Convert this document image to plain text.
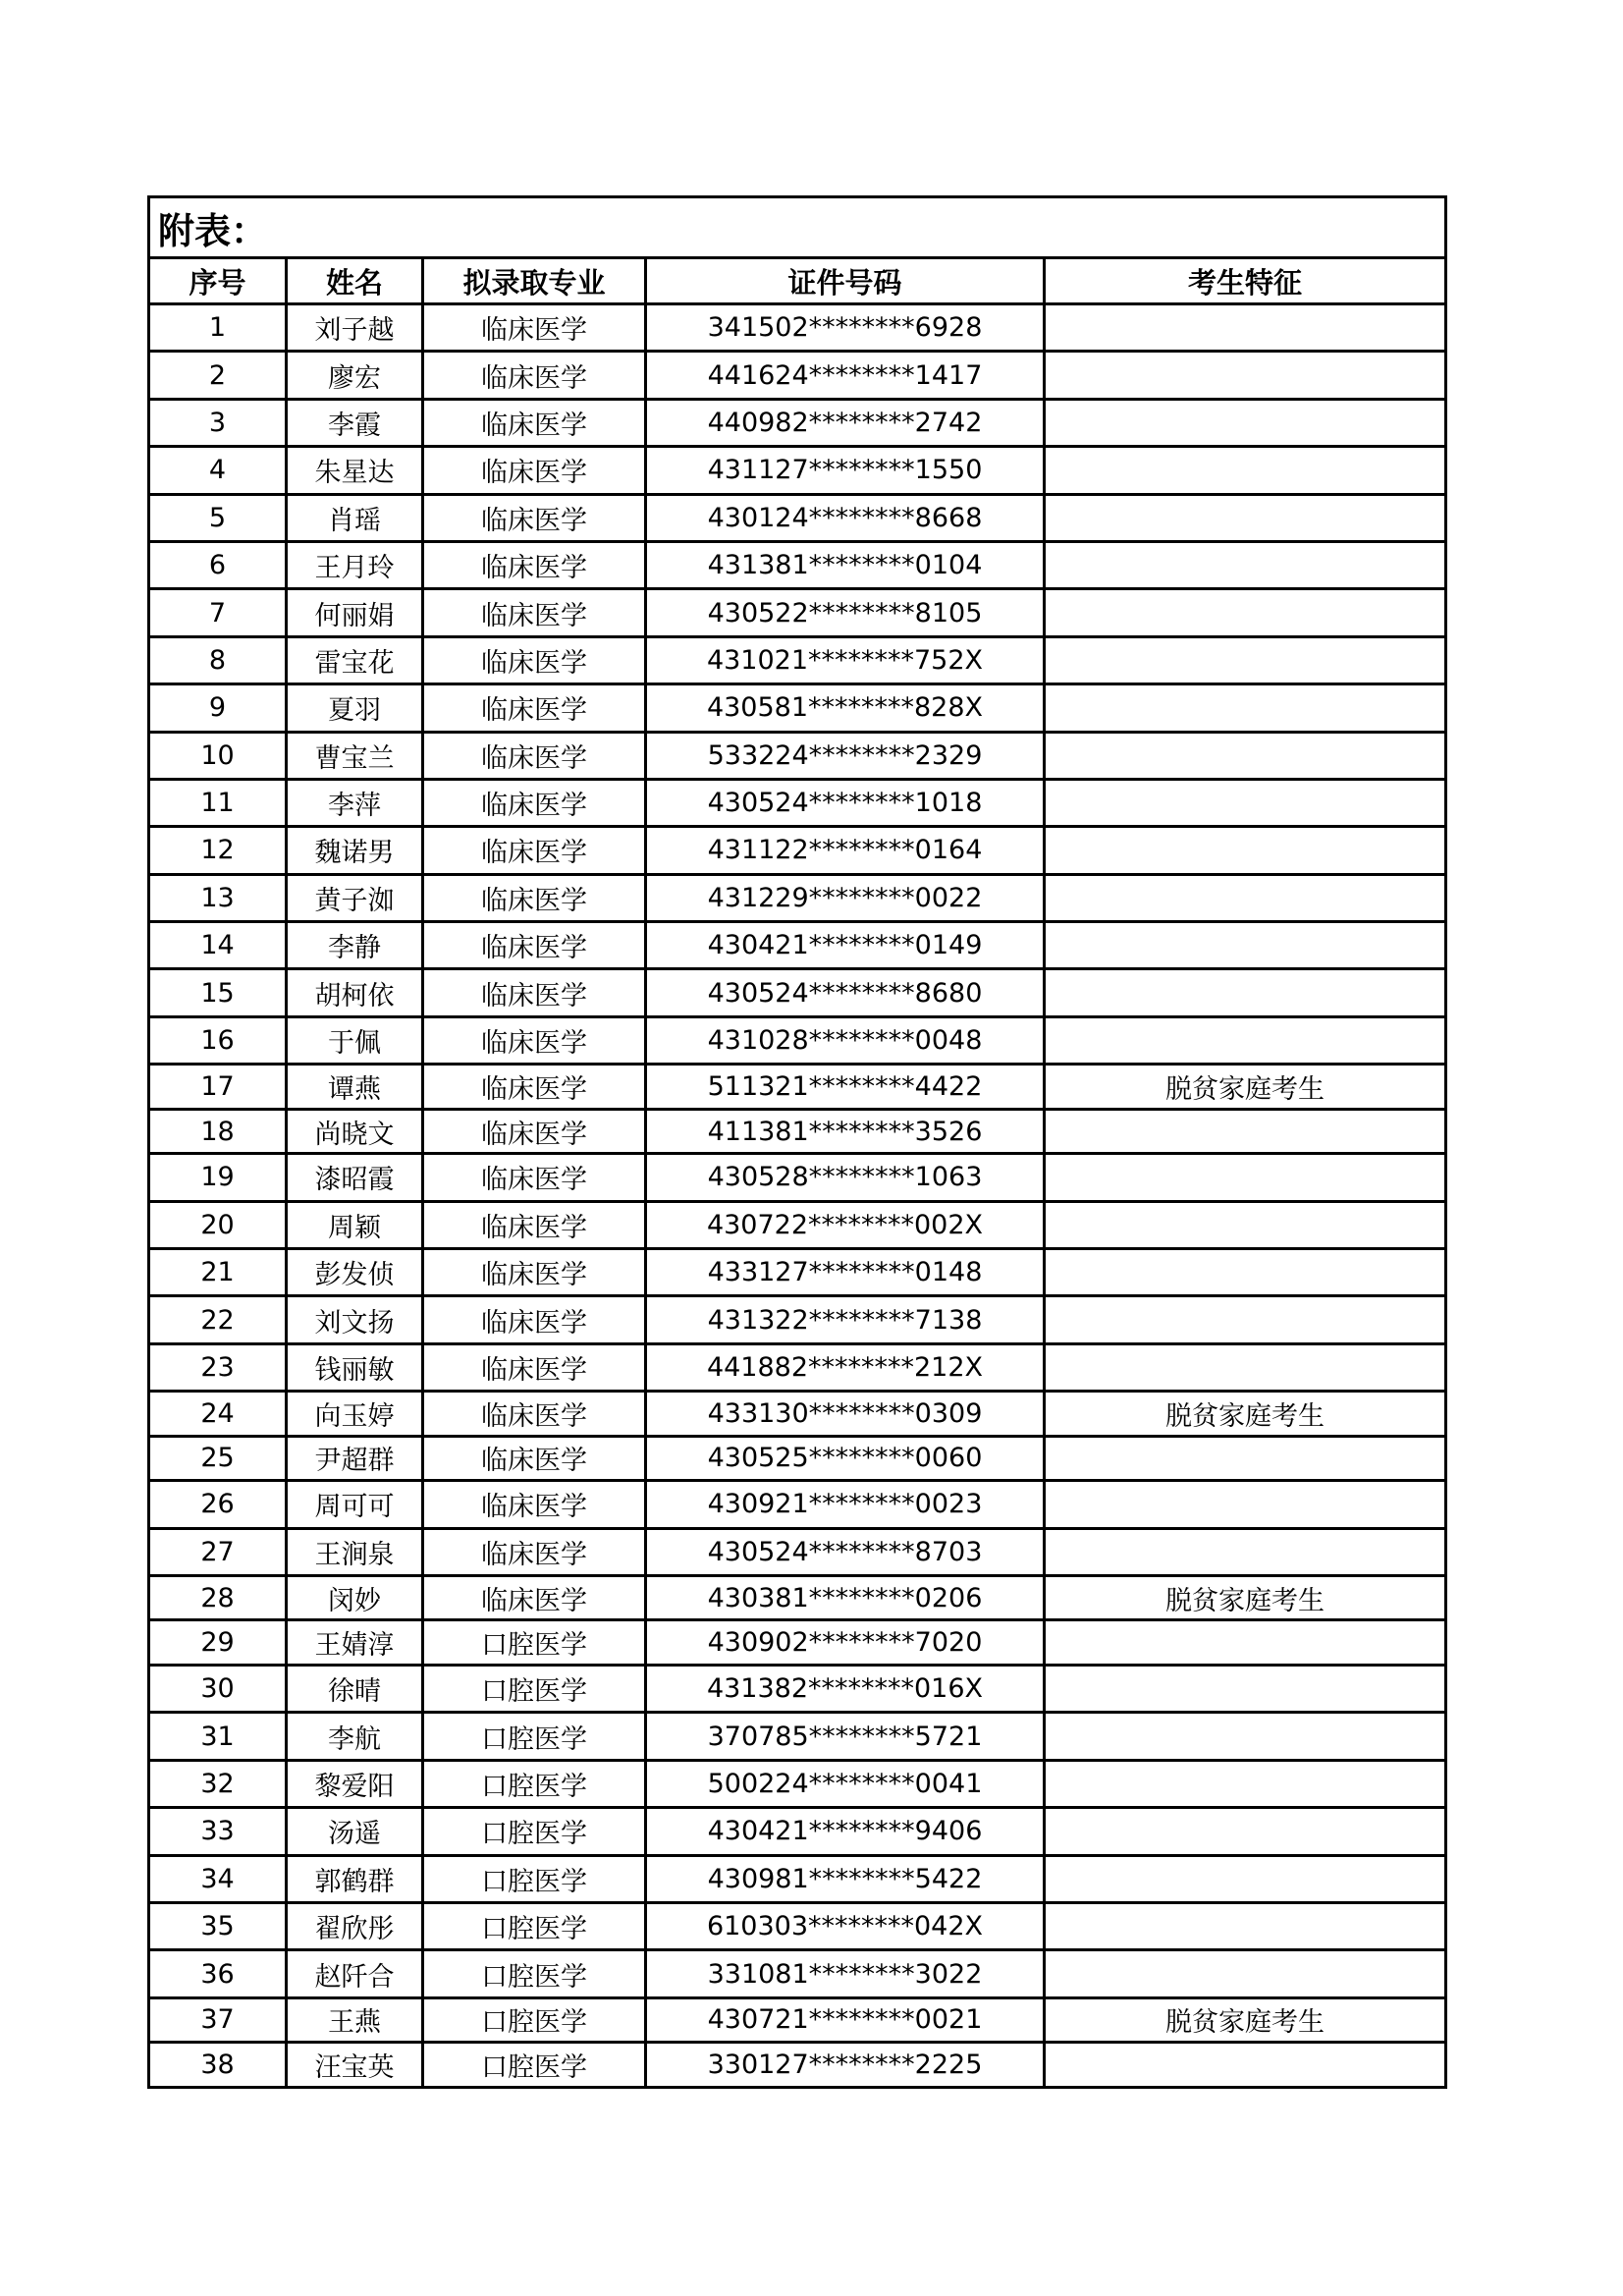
附表：				
序号	姓名	拟录取专业	证件号码	考生特征
1	刘子越	临床医学	341502********6928	
2	廖宏	临床医学	441624********1417	
3	李霞	临床医学	440982********2742	
4	朱星达	临床医学	431127********1550	
5	肖瑶	临床医学	430124********8668	
6	王月玲	临床医学	431381********0104	
7	何丽娟	临床医学	430522********8105	
8	雷宝花	临床医学	431021********752X	
9	夏羽	临床医学	430581********828X	
10	曹宝兰	临床医学	533224********2329	
11	李萍	临床医学	430524********1018	
12	魏诺男	临床医学	431122********0164	
13	黄子洳	临床医学	431229********0022	
14	李静	临床医学	430421********0149	
15	胡柯依	临床医学	430524********8680	
16	于佩	临床医学	431028********0048	
17	谭燕	临床医学	511321********4422	脱贫家庭考生
18	尚晓文	临床医学	411381********3526	
19	漆昭霞	临床医学	430528********1063	
20	周颖	临床医学	430722********002X	
21	彭发侦	临床医学	433127********0148	
22	刘文扬	临床医学	431322********7138	
23	钱丽敏	临床医学	441882********212X	
24	向玉婷	临床医学	433130********0309	脱贫家庭考生
25	尹超群	临床医学	430525********0060	
26	周可可	临床医学	430921********0023	
27	王涧泉	临床医学	430524********8703	
28	闵妙	临床医学	430381********0206	脱贫家庭考生
29	王婧淳	口腔医学	430902********7020	
30	徐晴	口腔医学	431382********016X	
31	李航	口腔医学	370785********5721	
32	黎爱阳	口腔医学	500224********0041	
33	汤遥	口腔医学	430421********9406	
34	郭鹤群	口腔医学	430981********5422	
35	翟欣彤	口腔医学	610303********042X	
36	赵阡合	口腔医学	331081********3022	
37	王燕	口腔医学	430721********0021	脱贫家庭考生
38	汪宝英	口腔医学	330127********2225	
